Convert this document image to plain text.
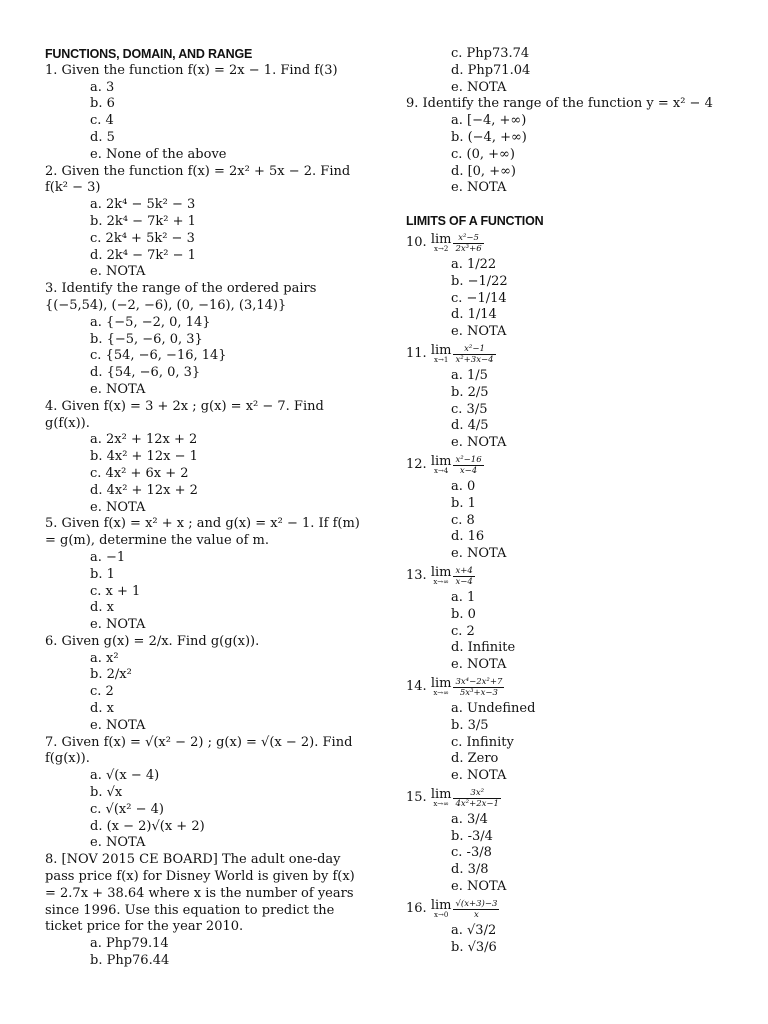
FUNCTIONS, DOMAIN, AND RANGE
1. Given the function f(x) = 2x − 1. Find f(3)
a. 3
b. 6
c. 4
d. 5
e. None of the above
2. Given the function f(x) = 2x² + 5x − 2. Find f(k² − 3)
a. 2k⁴ − 5k² − 3
b. 2k⁴ − 7k² + 1
c. 2k⁴ + 5k² − 3
d. 2k⁴ − 7k² − 1
e. NOTA
3. Identify the range of the ordered pairs {(−5,54), (−2, −6), (0, −16), (3,14)}
a. {−5, −2, 0, 14}
b. {−5, −6, 0, 3}
c. {54, −6, −16, 14}
d. {54, −6, 0, 3}
e. NOTA
4. Given f(x) = 3 + 2x ; g(x) = x² − 7. Find g(f(x)).
a. 2x² + 12x + 2
b. 4x² + 12x − 1
c. 4x² + 6x + 2
d. 4x² + 12x + 2
e. NOTA
5. Given f(x) = x² + x ; and g(x) = x² − 1. If f(m) = g(m), determine the value of m.
a. −1
b. 1
c. x + 1
d. x
e. NOTA
6. Given g(x) = 2/x. Find g(g(x)).
a. x²
b. 2/x²
c. 2
d. x
e. NOTA
7. Given f(x) = √(x² − 2) ; g(x) = √(x − 2). Find f(g(x)).
a. √(x − 4)
b. √x
c. √(x² − 4)
d. (x − 2)√(x + 2)
e. NOTA
8. [NOV 2015 CE BOARD] The adult one-day pass price f(x) for Disney World is given by f(x) = 2.7x + 38.64 where x is the number of years since 1996. Use this equation to predict the ticket price for the year 2010.
a. Php79.14
b. Php76.44
c. Php73.74
d. Php71.04
e. NOTA
9. Identify the range of the function y = x² − 4
a. [−4, +∞)
b. (−4, +∞)
c. (0, +∞)
d. [0, +∞)
e. NOTA
LIMITS OF A FUNCTION
10.
lim
$x\to 2 \frac{\text{x²−5}}{\text{2x³+6}}$
a. 1/22
b. −1/22
c. −1/14
d. 1/14
e. NOTA
11.
lim
$x\to 1 \frac{\text{x²−1}}{\text{x²+3x−4}}$
a. 1/5
b. 2/5
c. 3/5
d. 4/5
e. NOTA
12.
lim
$x\to 4 \frac{\text{x²−16}}{x-4}$
a. 0
b. 1
c. 8
d. 16
e. NOTA
13.
lim
$x\to\infty \frac{x+4}{x-4}$
a. 1
b. 0
c. 2
d. Infinite
e. NOTA
14.
lim
$x\to\infty \frac{\text{3x⁴−2x²+7}}{\text{5x³+x−3}}$
a. Undefined
b. 3/5
c. Infinity
d. Zero
e. NOTA
15.
lim
$x\to\infty \frac{\text{3x²}}{\text{4x²+2x−1}}$
a. 3/4
b. -3/4
c. -3/8
d. 3/8
e. NOTA
16.
lim
$x\to 0 \frac{√(x+3)-3}{x}$
a. √3/2
b. √3/6
